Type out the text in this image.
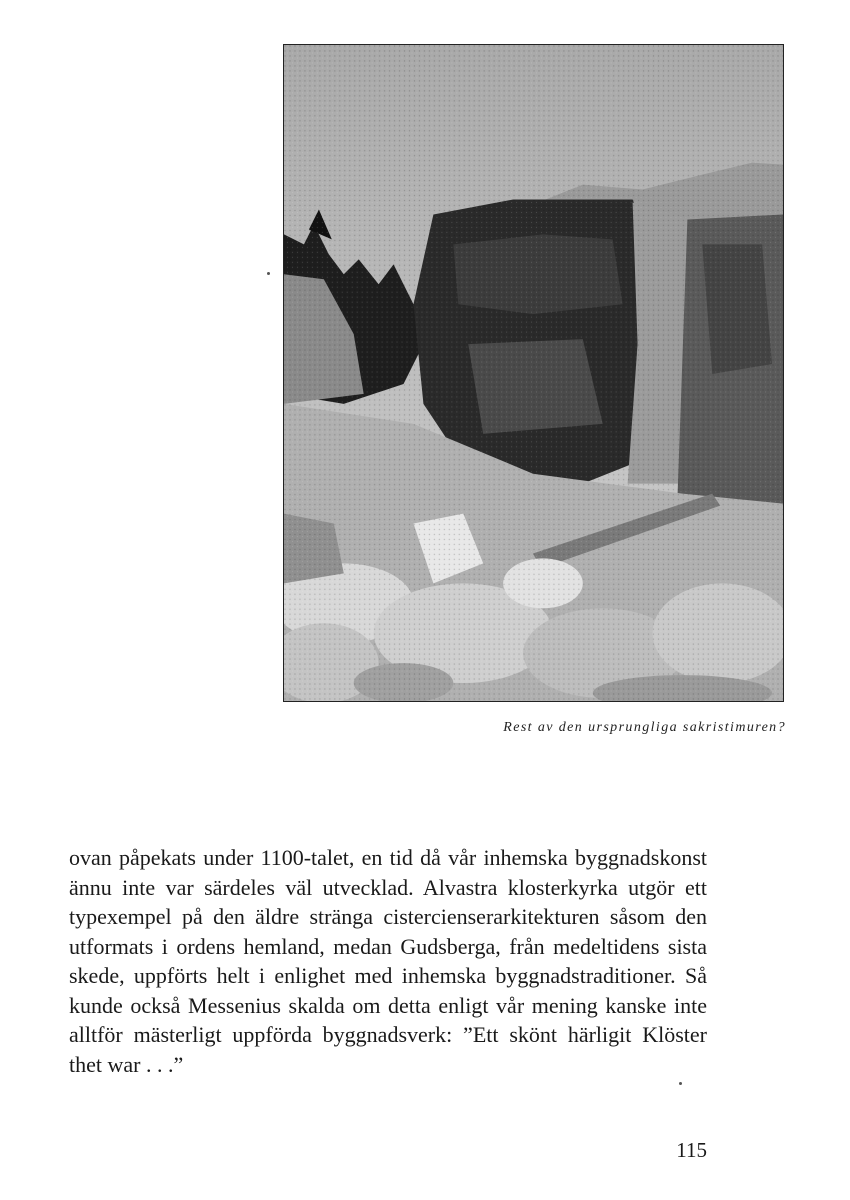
Rest av den ursprungliga sakristimuren?
ovan påpekats under 1100-talet, en tid då vår inhemska byggnadskonst ännu inte var särdeles väl utvecklad. Alvastra klosterkyrka utgör ett typexempel på den äldre stränga cistercienserarkitekturen såsom den utformats i ordens hemland, medan Gudsberga, från medeltidens sista skede, uppförts helt i enlighet med inhemska byggnadstraditioner. Så kunde också Messenius skalda om detta enligt vår mening kanske inte alltför mästerligt uppförda byggnadsverk: ”Ett skönt härligit Klöster thet war . . .”
115
